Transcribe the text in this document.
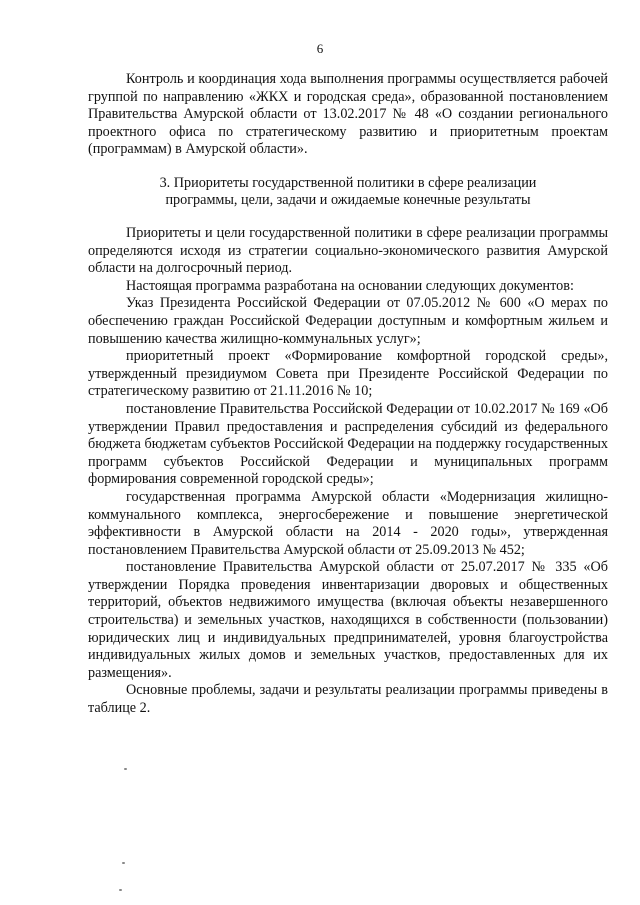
6

Контроль и координация хода выполнения программы осуществляется рабочей группой по направлению «ЖКХ и городская среда», образованной постановлением Правительства Амурской области от 13.02.2017 № 48 «О создании регионального проектного офиса по стратегическому развитию и приоритетным проектам (программам) в Амурской области».

3. Приоритеты государственной политики в сфере реализации
программы, цели, задачи и ожидаемые конечные результаты

Приоритеты и цели государственной политики в сфере реализации программы определяются исходя из стратегии социально-экономического развития Амурской области на долгосрочный период.

Настоящая программа разработана на основании следующих документов:

Указ Президента Российской Федерации от 07.05.2012 № 600 «О мерах по обеспечению граждан Российской Федерации доступным и комфортным жильем и повышению качества жилищно-коммунальных услуг»;

приоритетный проект «Формирование комфортной городской среды», утвержденный президиумом Совета при Президенте Российской Федерации по стратегическому развитию от 21.11.2016 № 10;

постановление Правительства Российской Федерации от 10.02.2017 № 169 «Об утверждении Правил предоставления и распределения субсидий из федерального бюджета бюджетам субъектов Российской Федерации на поддержку государственных программ субъектов Российской Федерации и муниципальных программ формирования современной городской среды»;

государственная программа Амурской области «Модернизация жилищно-коммунального комплекса, энергосбережение и повышение энергетической эффективности в Амурской области на 2014 - 2020 годы», утвержденная постановлением Правительства Амурской области от 25.09.2013 № 452;

постановление Правительства Амурской области от 25.07.2017 № 335 «Об утверждении Порядка проведения инвентаризации дворовых и общественных территорий, объектов недвижимого имущества (включая объекты незавершенного строительства) и земельных участков, находящихся в собственности (пользовании) юридических лиц и индивидуальных предпринимателей, уровня благоустройства индивидуальных жилых домов и земельных участков, предоставленных для их размещения».

Основные проблемы, задачи и результаты реализации программы приведены в таблице 2.
